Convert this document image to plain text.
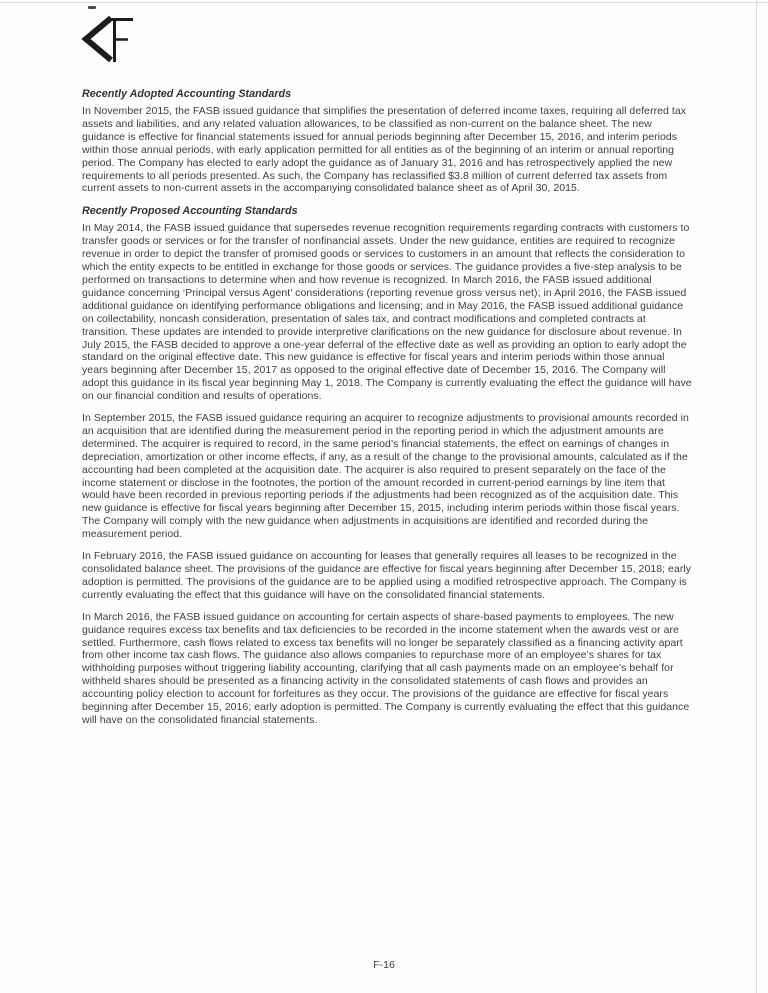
Recently Adopted Accounting Standards

In November 2015, the FASB issued guidance that simplifies the presentation of deferred income taxes, requiring all deferred tax assets and liabilities, and any related valuation allowances, to be classified as non-current on the balance sheet. The new guidance is effective for financial statements issued for annual periods beginning after December 15, 2016, and interim periods within those annual periods, with early application permitted for all entities as of the beginning of an interim or annual reporting period. The Company has elected to early adopt the guidance as of January 31, 2016 and has retrospectively applied the new requirements to all periods presented. As such, the Company has reclassified $3.8 million of current deferred tax assets from current assets to non-current assets in the accompanying consolidated balance sheet as of April 30, 2015.

Recently Proposed Accounting Standards

In May 2014, the FASB issued guidance that supersedes revenue recognition requirements regarding contracts with customers to transfer goods or services or for the transfer of nonfinancial assets. Under the new guidance, entities are required to recognize revenue in order to depict the transfer of promised goods or services to customers in an amount that reflects the consideration to which the entity expects to be entitled in exchange for those goods or services. The guidance provides a five-step analysis to be performed on transactions to determine when and how revenue is recognized. In March 2016, the FASB issued additional guidance concerning ‘Principal versus Agent’ considerations (reporting revenue gross versus net); in April 2016, the FASB issued additional guidance on identifying performance obligations and licensing; and in May 2016, the FASB issued additional guidance on collectability, noncash consideration, presentation of sales tax, and contract modifications and completed contracts at transition. These updates are intended to provide interpretive clarifications on the new guidance for disclosure about revenue. In July 2015, the FASB decided to approve a one-year deferral of the effective date as well as providing an option to early adopt the standard on the original effective date. This new guidance is effective for fiscal years and interim periods within those annual years beginning after December 15, 2017 as opposed to the original effective date of December 15, 2016. The Company will adopt this guidance in its fiscal year beginning May 1, 2018. The Company is currently evaluating the effect the guidance will have on our financial condition and results of operations.

In September 2015, the FASB issued guidance requiring an acquirer to recognize adjustments to provisional amounts recorded in an acquisition that are identified during the measurement period in the reporting period in which the adjustment amounts are determined. The acquirer is required to record, in the same period’s financial statements, the effect on earnings of changes in depreciation, amortization or other income effects, if any, as a result of the change to the provisional amounts, calculated as if the accounting had been completed at the acquisition date. The acquirer is also required to present separately on the face of the income statement or disclose in the footnotes, the portion of the amount recorded in current-period earnings by line item that would have been recorded in previous reporting periods if the adjustments had been recognized as of the acquisition date. This new guidance is effective for fiscal years beginning after December 15, 2015, including interim periods within those fiscal years. The Company will comply with the new guidance when adjustments in acquisitions are identified and recorded during the measurement period.

In February 2016, the FASB issued guidance on accounting for leases that generally requires all leases to be recognized in the consolidated balance sheet. The provisions of the guidance are effective for fiscal years beginning after December 15, 2018; early adoption is permitted. The provisions of the guidance are to be applied using a modified retrospective approach. The Company is currently evaluating the effect that this guidance will have on the consolidated financial statements.

In March 2016, the FASB issued guidance on accounting for certain aspects of share-based payments to employees. The new guidance requires excess tax benefits and tax deficiencies to be recorded in the income statement when the awards vest or are settled. Furthermore, cash flows related to excess tax benefits will no longer be separately classified as a financing activity apart from other income tax cash flows. The guidance also allows companies to repurchase more of an employee’s shares for tax withholding purposes without triggering liability accounting, clarifying that all cash payments made on an employee’s behalf for withheld shares should be presented as a financing activity in the consolidated statements of cash flows and provides an accounting policy election to account for forfeitures as they occur. The provisions of the guidance are effective for fiscal years beginning after December 15, 2016; early adoption is permitted. The Company is currently evaluating the effect that this guidance will have on the consolidated financial statements.

F-16
